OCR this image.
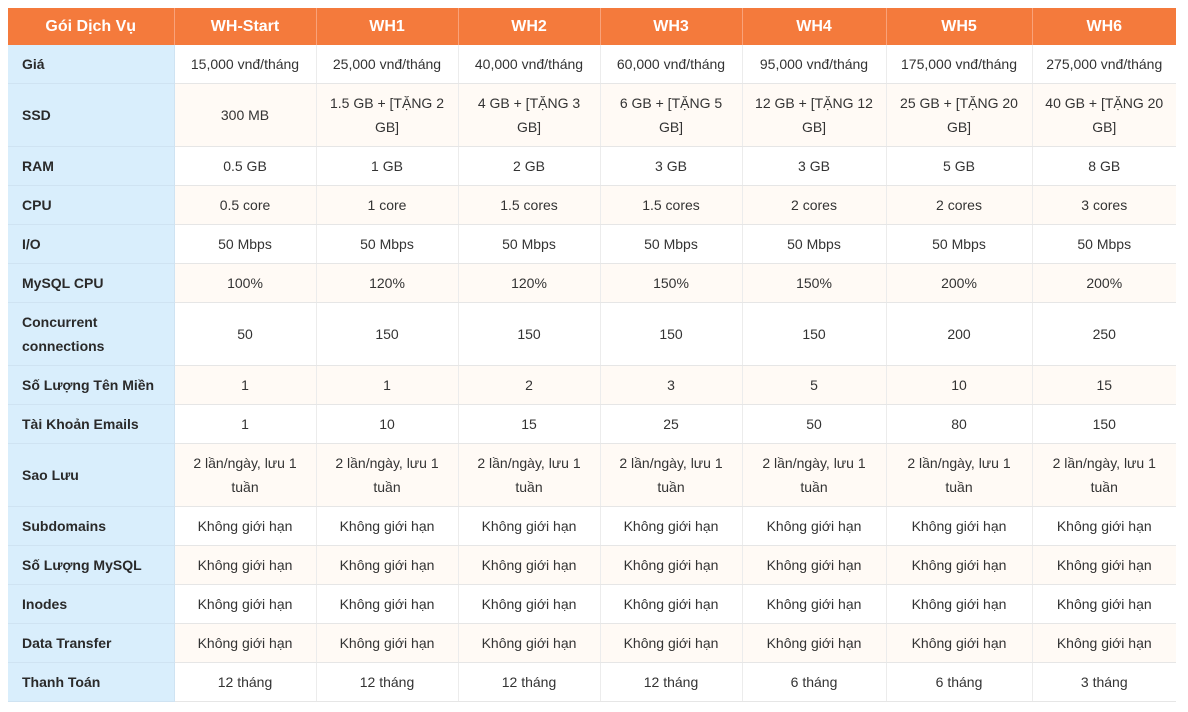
Gói Dịch Vụ	WH-Start	WH1	WH2	WH3	WH4	WH5	WH6
Giá	15,000 vnđ/tháng	25,000 vnđ/tháng	40,000 vnđ/tháng	60,000 vnđ/tháng	95,000 vnđ/tháng	175,000 vnđ/tháng	275,000 vnđ/tháng
SSD	300 MB	1.5 GB + [TẶNG 2 GB]	4 GB + [TẶNG 3 GB]	6 GB + [TẶNG 5 GB]	12 GB + [TẶNG 12 GB]	25 GB + [TẶNG 20 GB]	40 GB + [TẶNG 20 GB]
RAM	0.5 GB	1 GB	2 GB	3 GB	3 GB	5 GB	8 GB
CPU	0.5 core	1 core	1.5 cores	1.5 cores	2 cores	2 cores	3 cores
I/O	50 Mbps	50 Mbps	50 Mbps	50 Mbps	50 Mbps	50 Mbps	50 Mbps
MySQL CPU	100%	120%	120%	150%	150%	200%	200%
Concurrent connections	50	150	150	150	150	200	250
Số Lượng Tên Miền	1	1	2	3	5	10	15
Tài Khoản Emails	1	10	15	25	50	80	150
Sao Lưu	2 lần/ngày, lưu 1 tuần	2 lần/ngày, lưu 1 tuần	2 lần/ngày, lưu 1 tuần	2 lần/ngày, lưu 1 tuần	2 lần/ngày, lưu 1 tuần	2 lần/ngày, lưu 1 tuần	2 lần/ngày, lưu 1 tuần
Subdomains	Không giới hạn	Không giới hạn	Không giới hạn	Không giới hạn	Không giới hạn	Không giới hạn	Không giới hạn
Số Lượng MySQL	Không giới hạn	Không giới hạn	Không giới hạn	Không giới hạn	Không giới hạn	Không giới hạn	Không giới hạn
Inodes	Không giới hạn	Không giới hạn	Không giới hạn	Không giới hạn	Không giới hạn	Không giới hạn	Không giới hạn
Data Transfer	Không giới hạn	Không giới hạn	Không giới hạn	Không giới hạn	Không giới hạn	Không giới hạn	Không giới hạn
Thanh Toán	12 tháng	12 tháng	12 tháng	12 tháng	6 tháng	6 tháng	3 tháng
